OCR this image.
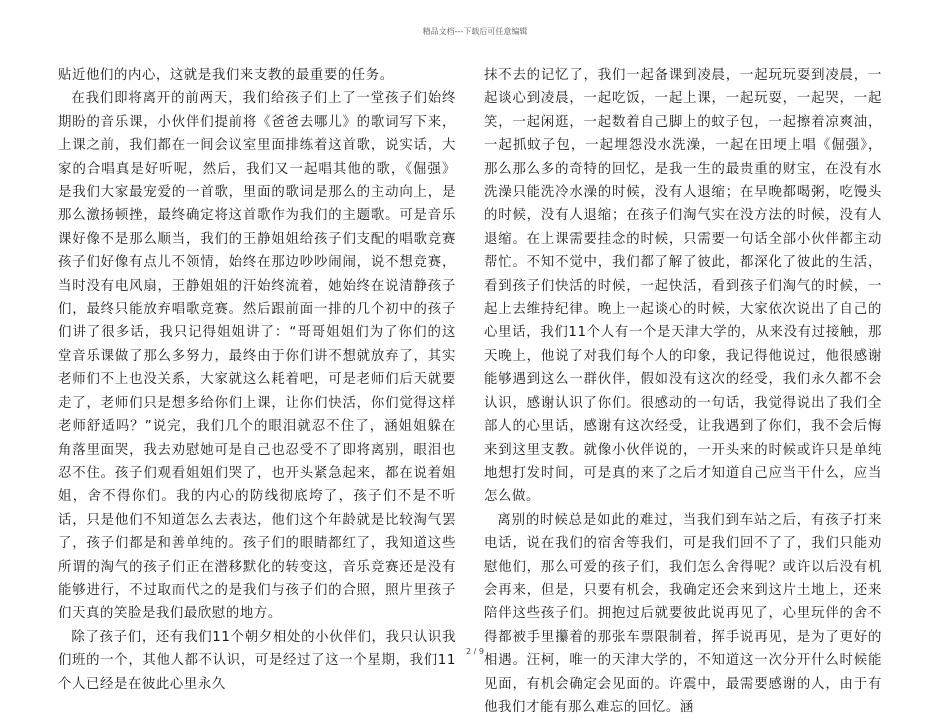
精品文档---下载后可任意编辑

贴近他们的内心，这就是我们来支教的最重要的任务。

在我们即将离开的前两天，我们给孩子们上了一堂孩子们始终期盼的音乐课，小伙伴们提前将《爸爸去哪儿》的歌词写下来，上课之前，我们都在一间会议室里面排练着这首歌，说实话，大家的合唱真是好听呢，然后，我们又一起唱其他的歌，《倔强》是我们大家最宠爱的一首歌，里面的歌词是那么的主动向上，是那么激扬顿挫，最终确定将这首歌作为我们的主题歌。可是音乐课好像不是那么顺当，我们的王静姐姐给孩子们支配的唱歌竞赛孩子们好像有点儿不领情，始终在那边吵吵闹闹，说不想竞赛，当时没有电风扇，王静姐姐的汗始终流着，她始终在说清静孩子们，最终只能放弃唱歌竞赛。然后跟前面一排的几个初中的孩子们讲了很多话，我只记得姐姐讲了：“哥哥姐姐们为了你们的这堂音乐课做了那么多努力，最终由于你们讲不想就放弃了，其实老师们不上也没关系，大家就这么耗着吧，可是老师们后天就要走了，老师们只是想多给你们上课，让你们快活，你们觉得这样老师舒适吗？”说完，我们几个的眼泪就忍不住了，涵姐姐躲在角落里面哭，我去劝慰她可是自己也忍受不了即将离别，眼泪也忍不住。孩子们观看姐姐们哭了，也开头紧急起来，都在说着姐姐，舍不得你们。我的内心的防线彻底垮了，孩子们不是不听话，只是他们不知道怎么去表达，他们这个年龄就是比较淘气罢了，孩子们都是和善单纯的。孩子们的眼睛都红了，我知道这些所谓的淘气的孩子们正在潜移默化的转变这，音乐竞赛还是没有能够进行，不过取而代之的是我们与孩子们的合照，照片里孩子们天真的笑脸是我们最欣慰的地方。

除了孩子们，还有我们11个朝夕相处的小伙伴们，我只认识我们班的一个，其他人都不认识，可是经过了这一个星期，我们11个人已经是在彼此心里永久

抹不去的记忆了，我们一起备课到凌晨，一起玩玩耍到凌晨，一起谈心到凌晨，一起吃饭，一起上课，一起玩耍，一起哭，一起笑，一起闲逛，一起数着自己脚上的蚊子包，一起擦着凉爽油，一起抓蚊子包，一起埋怨没水洗澡，一起在田埂上唱《倔强》，那么那么多的奇特的回忆，是我一生的最贵重的财宝，在没有水洗澡只能洗冷水澡的时候，没有人退缩；在早晚都喝粥，吃馒头的时候，没有人退缩；在孩子们淘气实在没方法的时候，没有人退缩。在上课需要挂念的时候，只需要一句话全部小伙伴都主动帮忙。不知不觉中，我们都了解了彼此，都深化了彼此的生活，看到孩子们快活的时候，一起快活，看到孩子们淘气的时候，一起上去维持纪律。晚上一起谈心的时候，大家依次说出了自己的心里话，我们11个人有一个是天津大学的，从来没有过接触，那天晚上，他说了对我们每个人的印象，我记得他说过，他很感谢能够遇到这么一群伙伴，假如没有这次的经受，我们永久都不会认识，感谢认识了你们。很感动的一句话，我觉得说出了我们全部人的心里话，感谢有这次经受，让我遇到了你们，我不会后悔来到这里支教。就像小伙伴说的，一开头来的时候或许只是单纯地想打发时间，可是真的来了之后才知道自己应当干什么，应当怎么做。

离别的时候总是如此的难过，当我们到车站之后，有孩子打来电话，说在我们的宿舍等我们，可是我们回不了了，我们只能劝慰他们，那么可爱的孩子们，我们怎么舍得呢？或许以后没有机会再来，但是，只要有机会，我确定还会来到这片土地上，还来陪伴这些孩子们。拥抱过后就要彼此说再见了，心里玩伴的舍不得都被手里攥着的那张车票限制着，挥手说再见，是为了更好的相遇。汪柯，唯一的天津大学的，不知道这一次分开什么时候能见面，有机会确定会见面的。许震中，最需要感谢的人，由于有他我们才能有那么难忘的回忆。涵

2 / 9
